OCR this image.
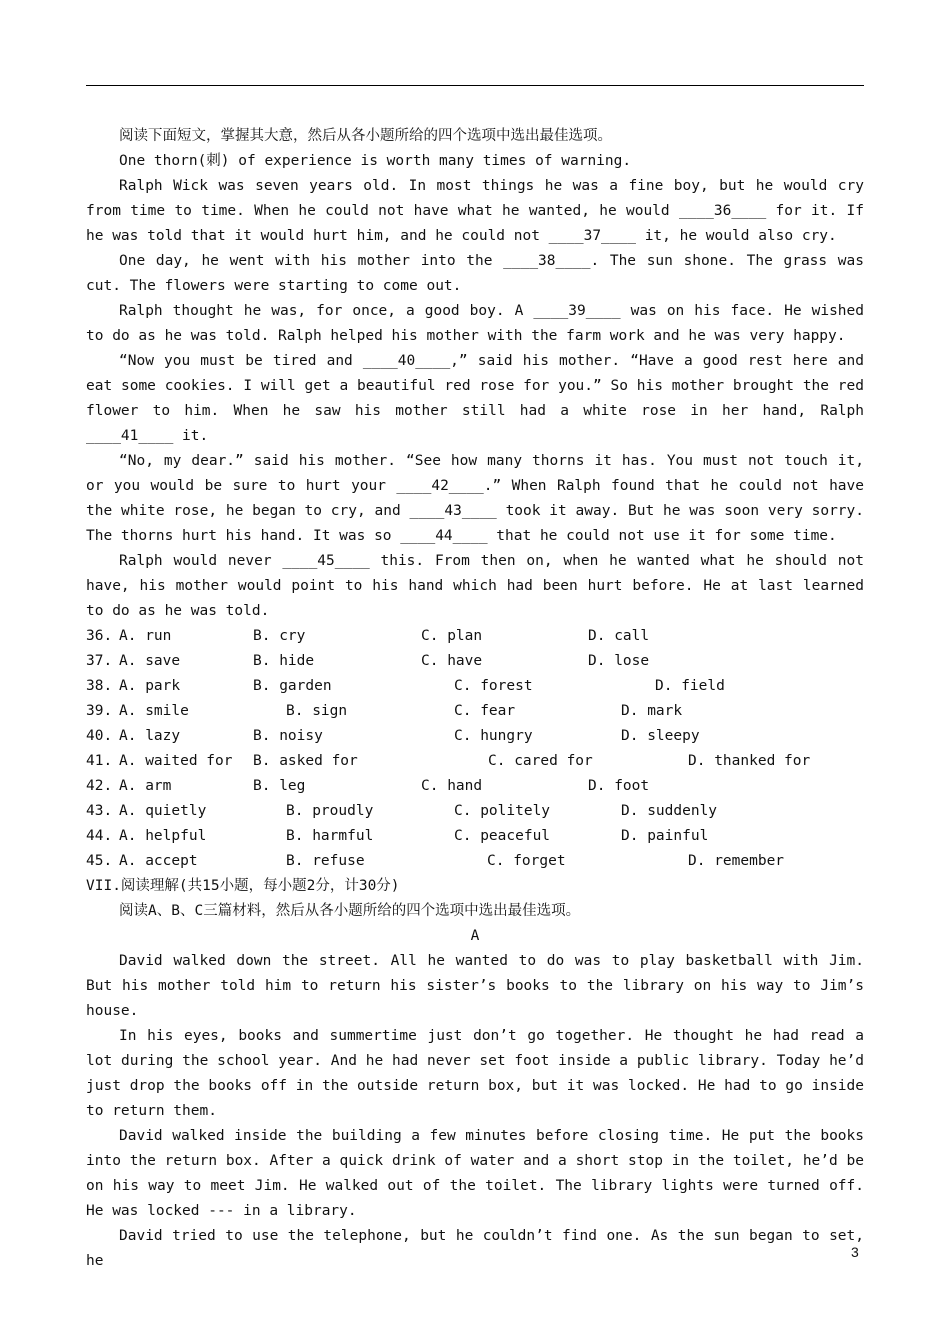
阅读下面短文，掌握其大意，然后从各小题所给的四个选项中选出最佳选项。

One thorn(刺) of experience is worth many times of warning.

Ralph Wick was seven years old. In most things he was a fine boy, but he would cry from time to time. When he could not have what he wanted, he would ____36____ for it. If he was told that it would hurt him, and he could not ____37____ it, he would also cry.

One day, he went with his mother into the ____38____. The sun shone. The grass was cut. The flowers were starting to come out.

Ralph thought he was, for once, a good boy. A ____39____ was on his face. He wished to do as he was told. Ralph helped his mother with the farm work and he was very happy.

“Now you must be tired and ____40____,” said his mother. “Have a good rest here and eat some cookies. I will get a beautiful red rose for you.” So his mother brought the red flower to him. When he saw his mother still had a white rose in her hand, Ralph ____41____ it.

“No, my dear.” said his mother. “See how many thorns it has. You must not touch it, or you would be sure to hurt your ____42____.” When Ralph found that he could not have the white rose, he began to cry, and ____43____ took it away. But he was soon very sorry. The thorns hurt his hand. It was so ____44____ that he could not use it for some time.

Ralph would never ____45____ this. From then on, when he wanted what he should not have, his mother would point to his hand which had been hurt before. He at last learned to do as he was told.

36. A. run	B. cry	C. plan	D. call
37. A. save	B. hide	C. have	D. lose
38. A. park	B. garden	C. forest	D. field
39. A. smile	B. sign	C. fear	D. mark
40. A. lazy	B. noisy	C. hungry	D. sleepy
41. A. waited for	B. asked for	C. cared for	D. thanked for
42. A. arm	B. leg	C. hand	D. foot
43. A. quietly	B. proudly	C. politely	D. suddenly
44. A. helpful	B. harmful	C. peaceful	D. painful
45. A. accept	B. refuse	C. forget	D. remember

VII.阅读理解(共15小题，每小题2分，计30分)

阅读A、B、C三篇材料，然后从各小题所给的四个选项中选出最佳选项。

A

David walked down the street. All he wanted to do was to play basketball with Jim. But his mother told him to return his sister’s books to the library on his way to Jim’s house.

In his eyes, books and summertime just don’t go together. He thought he had read a lot during the school year. And he had never set foot inside a public library. Today he’d just drop the books off in the outside return box, but it was locked. He had to go inside to return them.

David walked inside the building a few minutes before closing time. He put the books into the return box. After a quick drink of water and a short stop in the toilet, he’d be on his way to meet Jim. He walked out of the toilet. The library lights were turned off. He was locked --- in a library.

David tried to use the telephone, but he couldn’t find one. As the sun began to set, he

3
